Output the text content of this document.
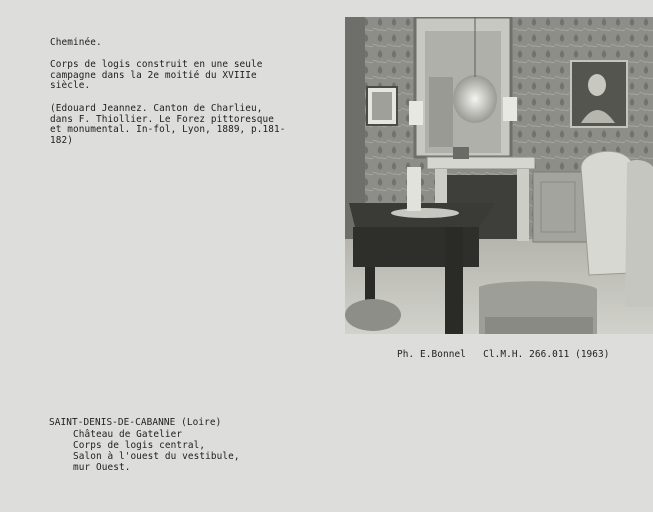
Cheminée.
Corps de logis construit en une seule
campagne dans la 2e moitié du XVIIIe
siècle.
(Edouard Jeannez. Canton de Charlieu,
dans F. Thiollier. Le Forez pittoresque
et monumental. In-fol, Lyon, 1889, p.181-
182)
Ph. E.Bonnel   Cl.M.H. 266.011 (1963)
SAINT-DENIS-DE-CABANNE (Loire)
Château de Gatelier
Corps de logis central,
Salon à l'ouest du vestibule,
mur Ouest.
